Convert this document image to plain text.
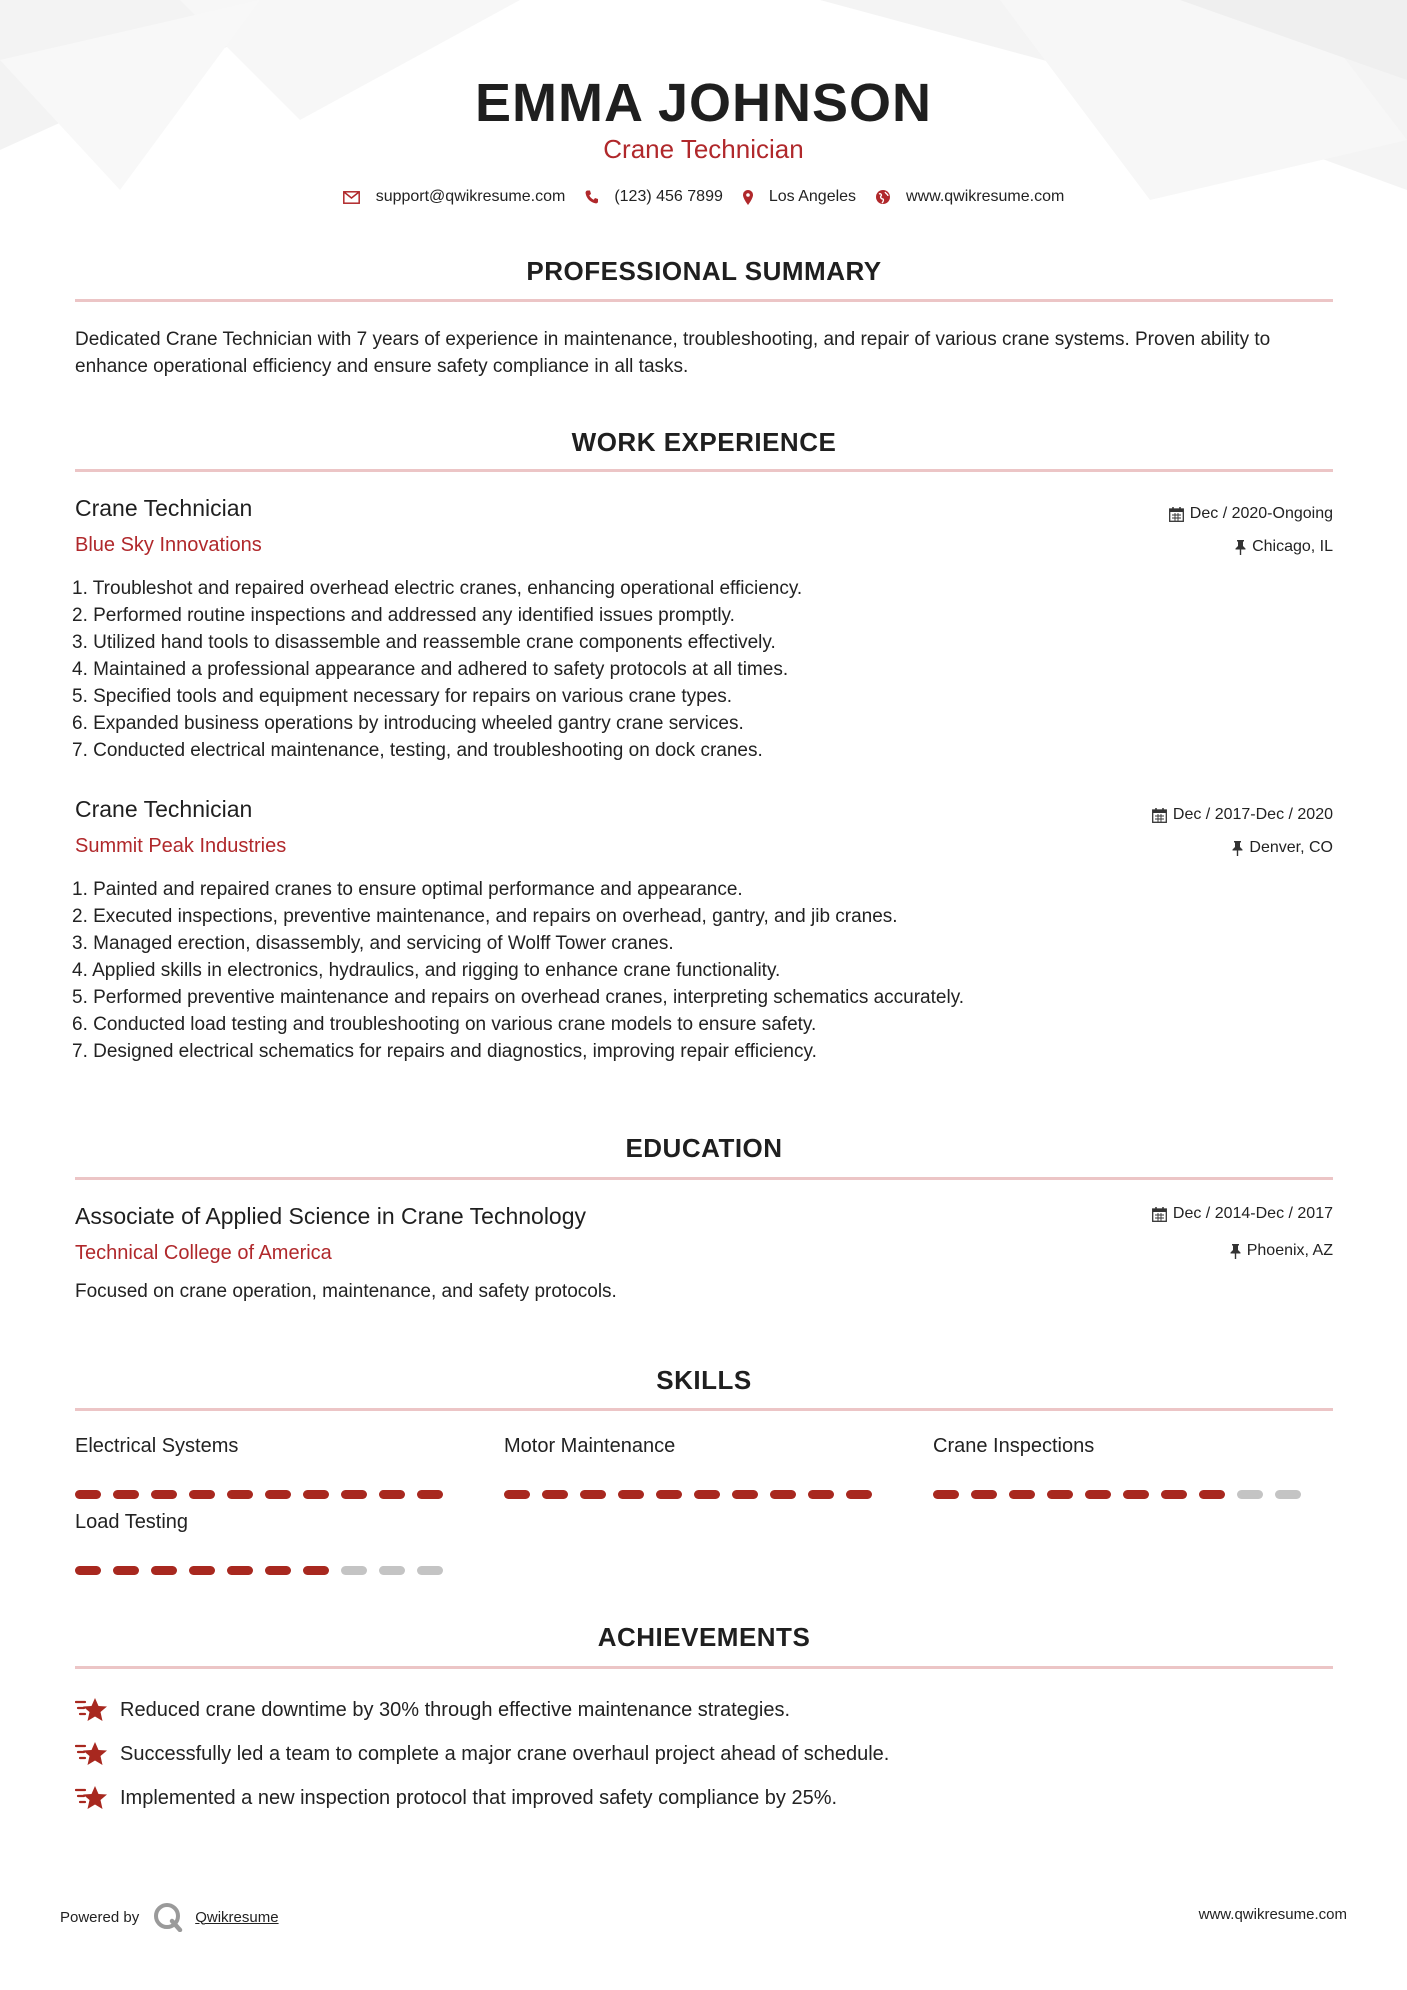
EMMA JOHNSON
Crane Technician
support@qwikresume.com	(123) 456 7899	Los Angeles	www.qwikresume.com
PROFESSIONAL SUMMARY
Dedicated Crane Technician with 7 years of experience in maintenance, troubleshooting, and repair of various crane systems. Proven ability to enhance operational efficiency and ensure safety compliance in all tasks.
WORK EXPERIENCE
Crane Technician	Dec / 2020-Ongoing
Blue Sky Innovations	Chicago, IL
1. Troubleshot and repaired overhead electric cranes, enhancing operational efficiency.
2. Performed routine inspections and addressed any identified issues promptly.
3. Utilized hand tools to disassemble and reassemble crane components effectively.
4. Maintained a professional appearance and adhered to safety protocols at all times.
5. Specified tools and equipment necessary for repairs on various crane types.
6. Expanded business operations by introducing wheeled gantry crane services.
7. Conducted electrical maintenance, testing, and troubleshooting on dock cranes.
Crane Technician	Dec / 2017-Dec / 2020
Summit Peak Industries	Denver, CO
1. Painted and repaired cranes to ensure optimal performance and appearance.
2. Executed inspections, preventive maintenance, and repairs on overhead, gantry, and jib cranes.
3. Managed erection, disassembly, and servicing of Wolff Tower cranes.
4. Applied skills in electronics, hydraulics, and rigging to enhance crane functionality.
5. Performed preventive maintenance and repairs on overhead cranes, interpreting schematics accurately.
6. Conducted load testing and troubleshooting on various crane models to ensure safety.
7. Designed electrical schematics for repairs and diagnostics, improving repair efficiency.
EDUCATION
Associate of Applied Science in Crane Technology	Dec / 2014-Dec / 2017
Technical College of America	Phoenix, AZ
Focused on crane operation, maintenance, and safety protocols.
SKILLS
Electrical Systems	Motor Maintenance	Crane Inspections
Load Testing
ACHIEVEMENTS
Reduced crane downtime by 30% through effective maintenance strategies.
Successfully led a team to complete a major crane overhaul project ahead of schedule.
Implemented a new inspection protocol that improved safety compliance by 25%.
Powered by	Qwikresume	www.qwikresume.com
